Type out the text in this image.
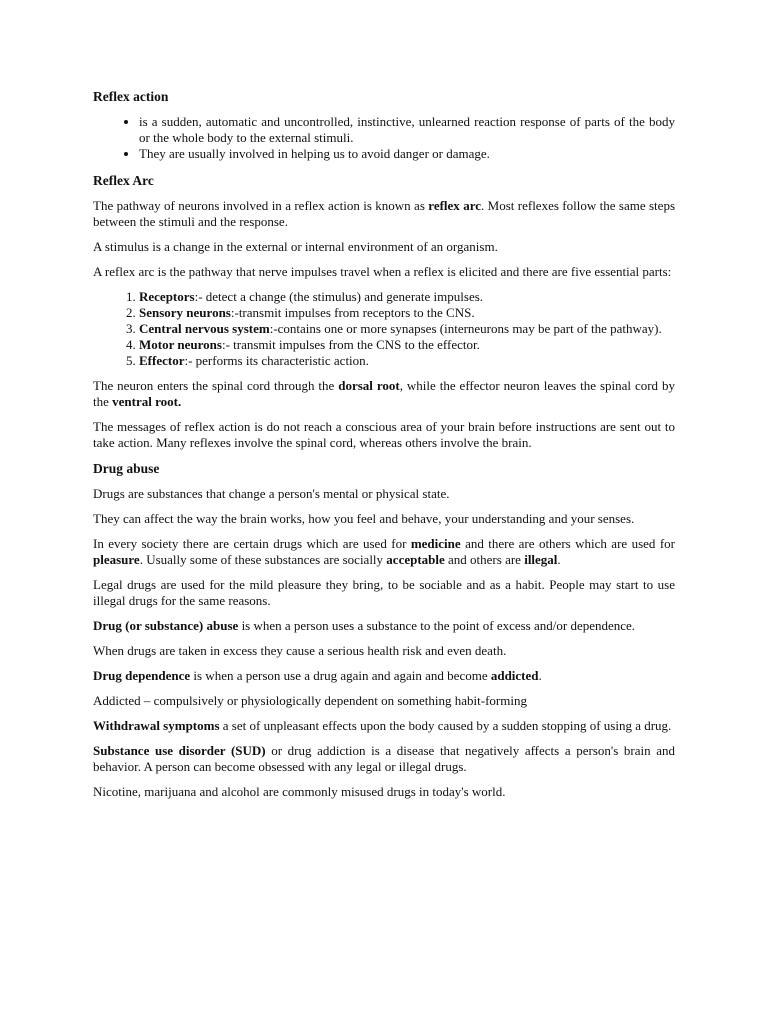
Reflex action
• is a sudden, automatic and uncontrolled, instinctive, unlearned reaction response of parts of the body or the whole body to the external stimuli.
• They are usually involved in helping us to avoid danger or damage.
Reflex Arc

The pathway of neurons involved in a reflex action is known as reflex arc. Most reflexes follow the same steps between the stimuli and the response.

A stimulus is a change in the external or internal environment of an organism.

A reflex arc is the pathway that nerve impulses travel when a reflex is elicited and there are five essential parts:

1. Receptors:- detect a change (the stimulus) and generate impulses.
2. Sensory neurons:-transmit impulses from receptors to the CNS.
3. Central nervous system:-contains one or more synapses (interneurons may be part of the pathway).
4. Motor neurons:- transmit impulses from the CNS to the effector.
5. Effector:- performs its characteristic action.

The neuron enters the spinal cord through the dorsal root, while the effector neuron leaves the spinal cord by the ventral root.

The messages of reflex action is do not reach a conscious area of your brain before instructions are sent out to take action. Many reflexes involve the spinal cord, whereas others involve the brain.

Drug abuse

Drugs are substances that change a person's mental or physical state.

They can affect the way the brain works, how you feel and behave, your understanding and your senses.

In every society there are certain drugs which are used for medicine and there are others which are used for pleasure. Usually some of these substances are socially acceptable and others are illegal.

Legal drugs are used for the mild pleasure they bring, to be sociable and as a habit. People may start to use illegal drugs for the same reasons.

Drug (or substance) abuse is when a person uses a substance to the point of excess and/or dependence.

When drugs are taken in excess they cause a serious health risk and even death.

Drug dependence is when a person use a drug again and again and become addicted.

Addicted – compulsively or physiologically dependent on something habit-forming

Withdrawal symptoms a set of unpleasant effects upon the body caused by a sudden stopping of using a drug.

Substance use disorder (SUD) or drug addiction is a disease that negatively affects a person's brain and behavior. A person can become obsessed with any legal or illegal drugs.

Nicotine, marijuana and alcohol are commonly misused drugs in today's world.
